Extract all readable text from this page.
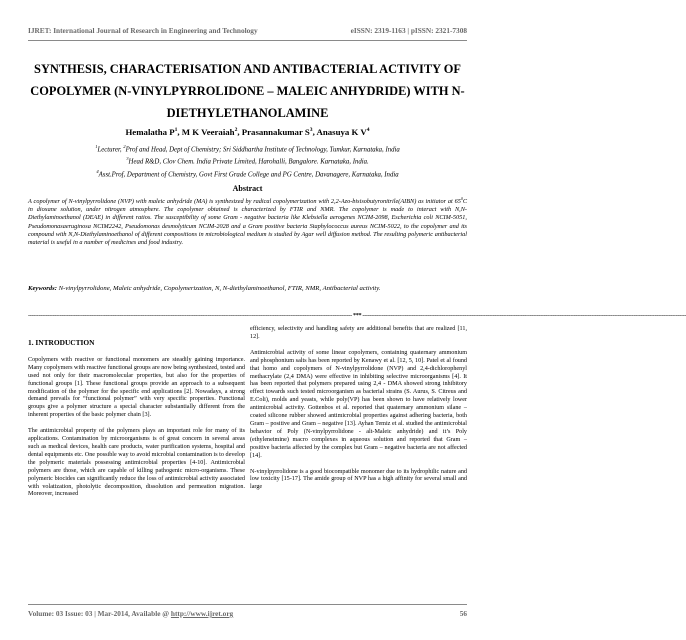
IJRET: International Journal of Research in Engineering and Technology	eISSN: 2319-1163 | pISSN: 2321-7308
SYNTHESIS, CHARACTERISATION AND ANTIBACTERIAL ACTIVITY OF COPOLYMER (N-VINYLPYRROLIDONE – MALEIC ANHYDRIDE) WITH N- DIETHYLETHANOLAMINE
Hemalatha $P^1$, M K Veeraiah$^2$, Prasannakumar $S^3$, Anasuya K $V^4$
$^1$Lecturer, $^2$Prof and Head, Dept of Chemistry; Sri Siddhartha Institute of Technology, Tumkur, Karnataka, India
$^3$Head R&D, Clov Chem. India Private Limited, Harohalli, Bangalore. Karnataka, India.
$^4$Asst.Prof, Department of Chemistry, Govt First Grade College and PG Centre, Davanagere, Karnataka, India
Abstract

A copolymer of N-vinylpyrrolidone (NVP) with maleic anhydride (MA) is synthesized by radical copolymerization with 2,2-Azo-bisisobutyronitrile(AIBN) as initiator at $65^0C$ in dioxane solution, under nitrogen atmosphere. The copolymer obtained is characterized by FTIR and NMR. The copolymer is made to interact with N,N-Diethylaminoethanol (DEAE) in different ratios. The susceptibility of some Gram - negative bacteria like Klebsiella aerogenes NCIM-2098, Escherichia coli NCIM-5051, Pseudomonasaeruginosa NCIM2242, Pseudomonas desmolyticum NCIM-2028 and a Gram positive bacteria Staphylococcus aureus NCIM-5022, to the copolymer and its compound with N,N-Diethylaminoethanol of different compositions in microbiological medium is studied by Agar well diffusion method. The resulting polymeric antibacterial material is useful in a number of medicines and food industry.

Keywords: N-vinylpyrrolidone, Maleic anhydride, Copolymerization, N, N-diethylaminoethanol, FTIR, NMR, Antibacterial activity.

---------------------------------------------------------------------------------------------------------------------------------------------------------------------------------------- *** ----------------------------------------------------------------------------------------------------------------------------------------------------------------------------------------
1. INTRODUCTION

Copolymers with reactive or functional monomers are steadily gaining importance. Many copolymers with reactive functional groups are now being synthesized, tested and used not only for their macromolecular properties, but also for the properties of functional groups [1]. These functional groups provide an approach to a subsequent modification of the polymer for the specific end applications [2]. Nowadays, a strong demand prevails for “functional polymer” with very specific properties. Functional groups give a polymer structure a special character substantially different from the inherent properties of the basic polymer chain [3].

The antimicrobial property of the polymers plays an important role for many of its applications. Contamination by microorganisms is of great concern in several areas such as medical devices, health care products, water purification systems, hospital and dental equipments etc. One possible way to avoid microbial contamination is to develop the polymeric materials possessing antimicrobial properties [4-10]. Antimicrobial polymers are those, which are capable of killing pathogenic micro-organisms. These polymeric biocides can significantly reduce the loss of antimicrobial activity associated with volatization, photolytic decomposition, dissolution and permeation migration. Moreover, increased

efficiency, selectivity and handling safety are additional benefits that are realized [11, 12].

Antimicrobial activity of some linear copolymers, containing quaternary ammonium and phosphonium salts has been reported by Kenawy et al. [12, 5, 10]. Patel et al found that homo and copolymers of N-vinylpyrrolidone (NVP) and 2,4-dichlorophenyl methacrylate (2,4 DMA) were effective in inhibiting selective microorganisms [4]. It has been reported that polymers prepared using 2,4 - DMA showed strong inhibitory effect towards such tested microorganism as bacterial strains (S. Aurus, S. Citreus and E.Coli), molds and yeasts, while poly(VP) has been shown to have relatively lower antimicrobial activity. Gottenbos et al. reported that quaternary ammonium silane – coated silicone rubber showed antimicrobial properties against adhering bacteria, both Gram – positive and Gram – negative [13]. Ayhan Temiz et al. studied the antimicrobial behavior of Poly (N-vinylpyrrolidone - alt-Maleic anhydride) and it’s Poly (ethyleneimine) macro complexes in aqueous solution and reported that Gram – positive bacteria affected by the complex but Gram – negative bacteria are not affected [14].

N-vinylpyrrolidone is a good biocompatible monomer due to its hydrophilic nature and low toxicity [15-17]. The amide group of NVP has a high affinity for several small and large

Volume: 03 Issue: 03 | Mar-2014, Available @ http://www.ijret.org	56
